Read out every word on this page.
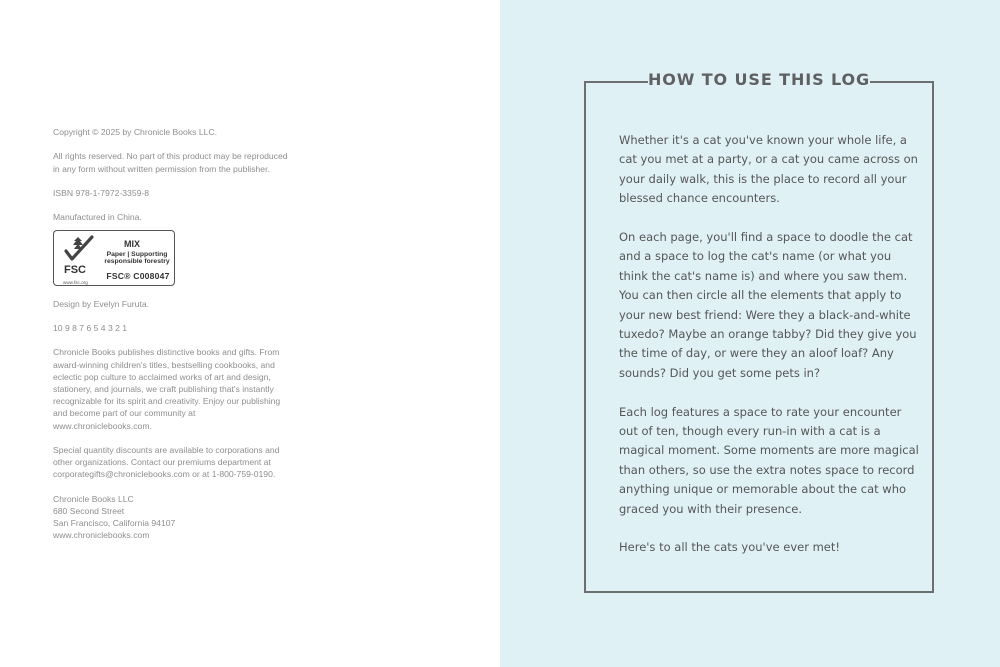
Copyright © 2025 by Chronicle Books LLC.

All rights reserved. No part of this product may be reproduced in any form without written permission from the publisher.

ISBN 978-1-7972-3359-8

Manufactured in China.

FSC
www.fsc.org
MIX
Paper | Supporting
responsible forestry
FSC® C008047

Design by Evelyn Furuta.

10 9 8 7 6 5 4 3 2 1

Chronicle Books publishes distinctive books and gifts. From award-winning children's titles, bestselling cookbooks, and eclectic pop culture to acclaimed works of art and design, stationery, and journals, we craft publishing that's instantly recognizable for its spirit and creativity. Enjoy our publishing and become part of our community at www.chroniclebooks.com.

Special quantity discounts are available to corporations and other organizations. Contact our premiums department at corporategifts@chroniclebooks.com or at 1-800-759-0190.

Chronicle Books LLC

680 Second Street

San Francisco, California 94107

www.chroniclebooks.com

HOW TO USE THIS LOG

Whether it's a cat you've known your whole life, a cat you met at a party, or a cat you came across on your daily walk, this is the place to record all your blessed chance encounters.

On each page, you'll find a space to doodle the cat and a space to log the cat's name (or what you think the cat's name is) and where you saw them. You can then circle all the elements that apply to your new best friend: Were they a black-and-white tuxedo? Maybe an orange tabby? Did they give you the time of day, or were they an aloof loaf? Any sounds? Did you get some pets in?

Each log features a space to rate your encounter out of ten, though every run-in with a cat is a magical moment. Some moments are more magical than others, so use the extra notes space to record anything unique or memorable about the cat who graced you with their presence.

Here's to all the cats you've ever met!
